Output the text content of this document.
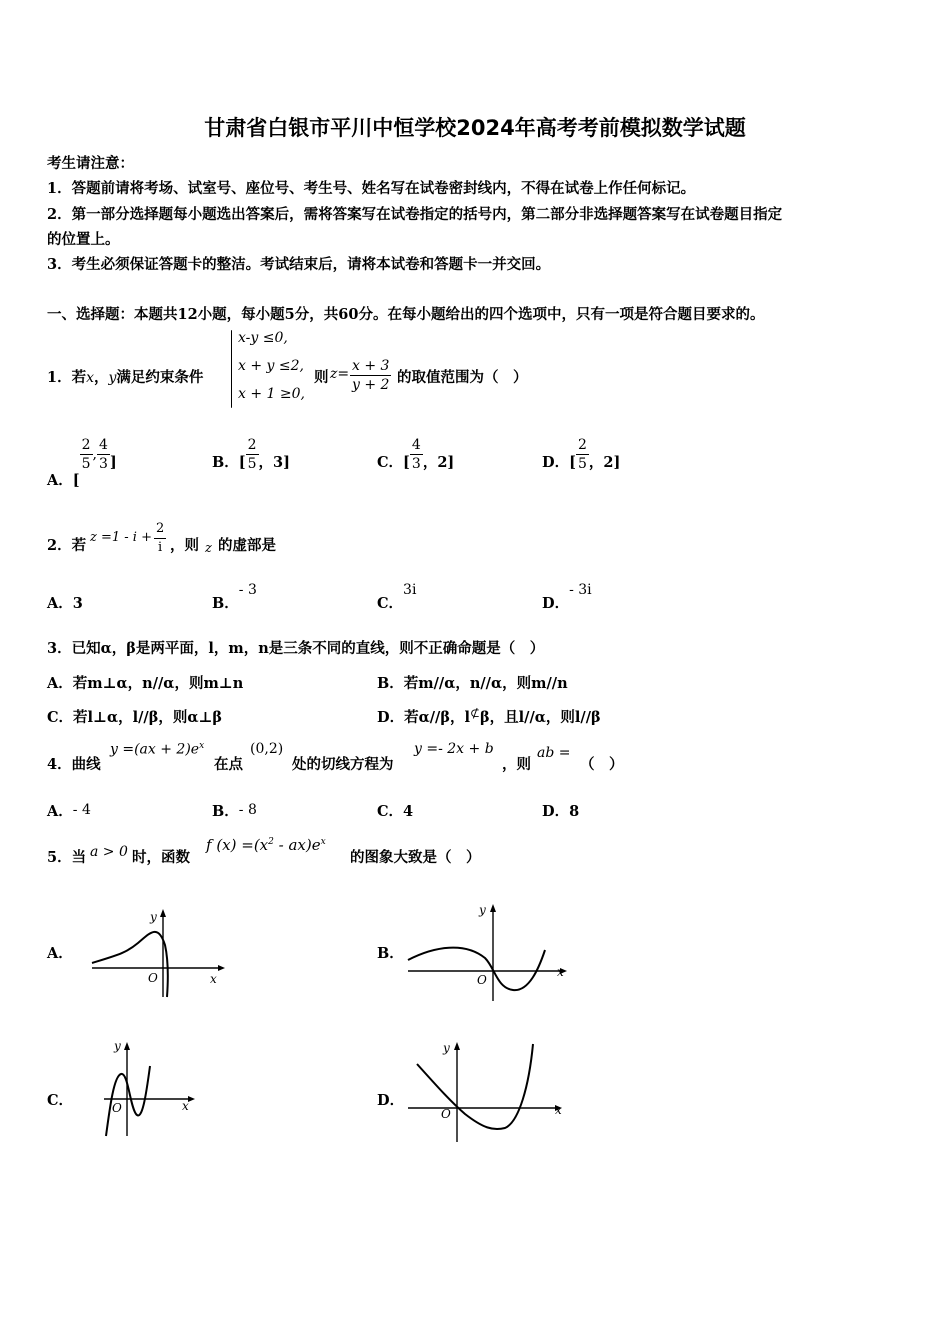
甘肃省白银市平川中恒学校2024年高考考前模拟数学试题
考生请注意：
1．答题前请将考场、试室号、座位号、考生号、姓名写在试卷密封线内，不得在试卷上作任何标记。
2．第一部分选择题每小题选出答案后，需将答案写在试卷指定的括号内，第二部分非选择题答案写在试卷题目指定
的位置上。
3．考生必须保证答题卡的整洁。考试结束后，请将本试卷和答题卡一并交回。
一、选择题：本题共12小题，每小题5分，共60分。在每小题给出的四个选项中，只有一项是符合题目要求的。
1．若x，y满足约束条件
x-y ≤0,
x + y ≤2,
x + 1 ≥0,
则 $z= \frac{x + 3}{y + 2}$ 的取值范围为（　）
A．[
$\frac{2}{5}$ , $\frac{4}{3}$ ]	B．[ $\frac{2}{5}$ ，3]	C．[ $\frac{4}{3}$ ，2]	D．[ $\frac{2}{5}$ ，2]
2．若 $z =1 - i + \frac{2}{i}$ ，则 z 的虚部是
A．3	B．- 3
C．3i
D．- 3i
3．已知α，β是两平面，l，m，n是三条不同的直线，则不正确命题是（　）
A．若m⊥α，n//α，则m⊥n	B．若m//α，n//α，则m//n
C．若l⊥α，l//β，则α⊥β	D．若α//β，l⊄β，且l//α，则l//β
4．曲线
$y =(ax + 2)e^x$
在点
(0,2)
处的切线方程为
y =- 2x + b
，则
ab =
（　）
A．- 4	B．- 8	C．4	D．8
5．当 a > 0 时，函数
f $(x) =(x^2 - ax)e^x$
的图象大致是（　）
A．
x
y
O
B．
x
y
O
C．	x
y
O	D．
x
y
O
